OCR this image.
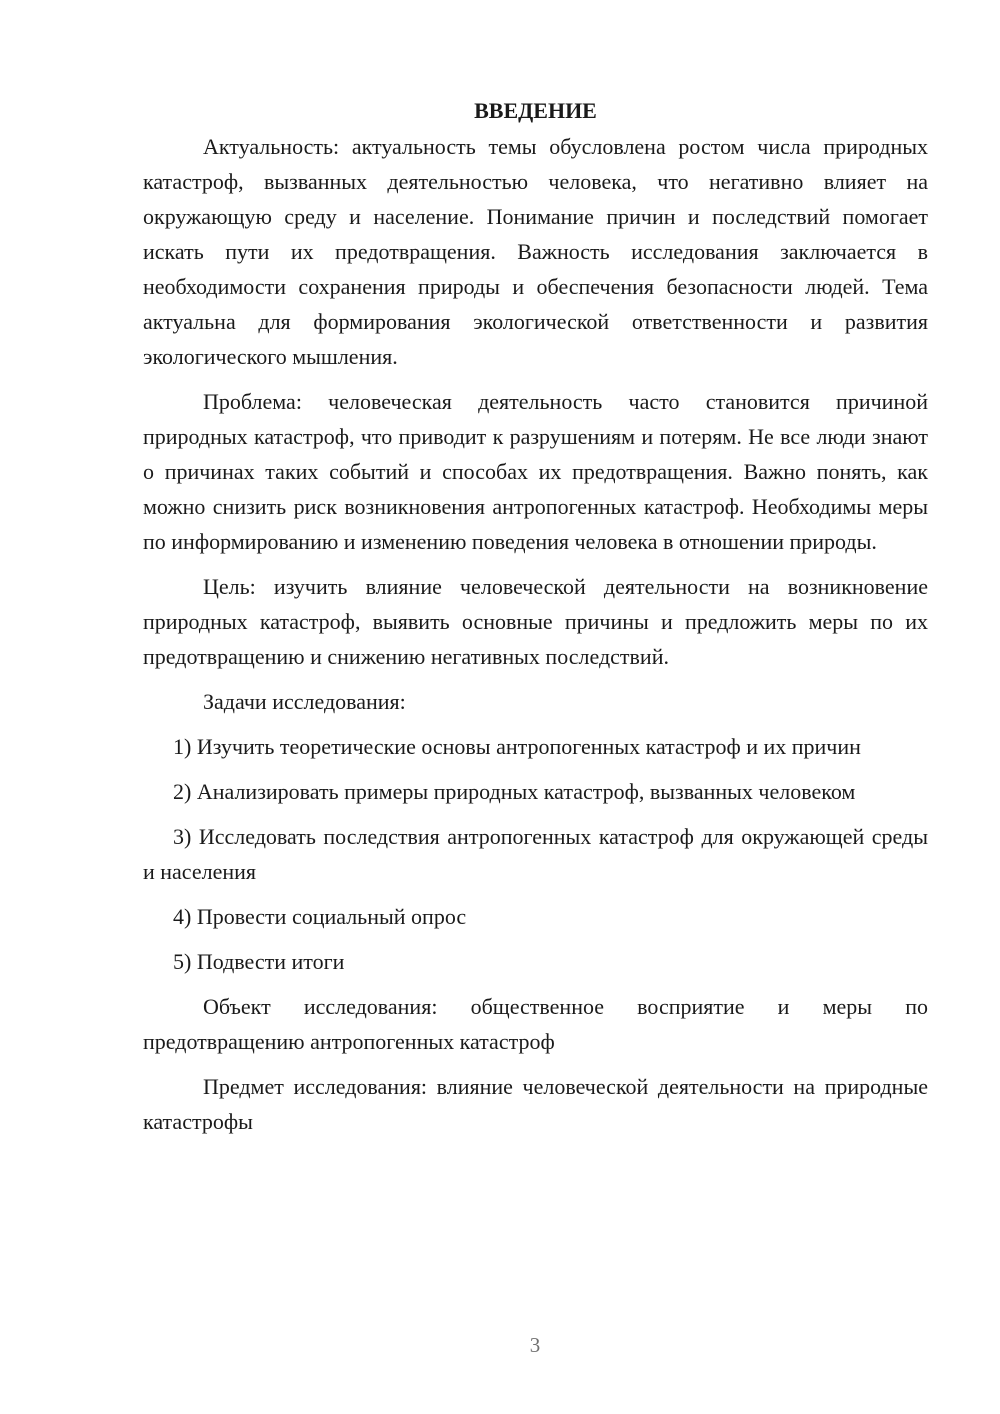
ВВЕДЕНИЕ

Актуальность: актуальность темы обусловлена ростом числа природных катастроф, вызванных деятельностью человека, что негативно влияет на окружающую среду и население. Понимание причин и последствий помогает искать пути их предотвращения. Важность исследования заключается в необходимости сохранения природы и обеспечения безопасности людей. Тема актуальна для формирования экологической ответственности и развития экологического мышления.

Проблема: человеческая деятельность часто становится причиной природных катастроф, что приводит к разрушениям и потерям. Не все люди знают о причинах таких событий и способах их предотвращения. Важно понять, как можно снизить риск возникновения антропогенных катастроф. Необходимы меры по информированию и изменению поведения человека в отношении природы.

Цель: изучить влияние человеческой деятельности на возникновение природных катастроф, выявить основные причины и предложить меры по их предотвращению и снижению негативных последствий.

Задачи исследования:

1) Изучить теоретические основы антропогенных катастроф и их причин

2) Анализировать примеры природных катастроф, вызванных человеком

3) Исследовать последствия антропогенных катастроф для окружающей среды и населения

4) Провести социальный опрос

5) Подвести итоги

Объект исследования: общественное восприятие и меры по предотвращению антропогенных катастроф

Предмет исследования: влияние человеческой деятельности на природные катастрофы

3
